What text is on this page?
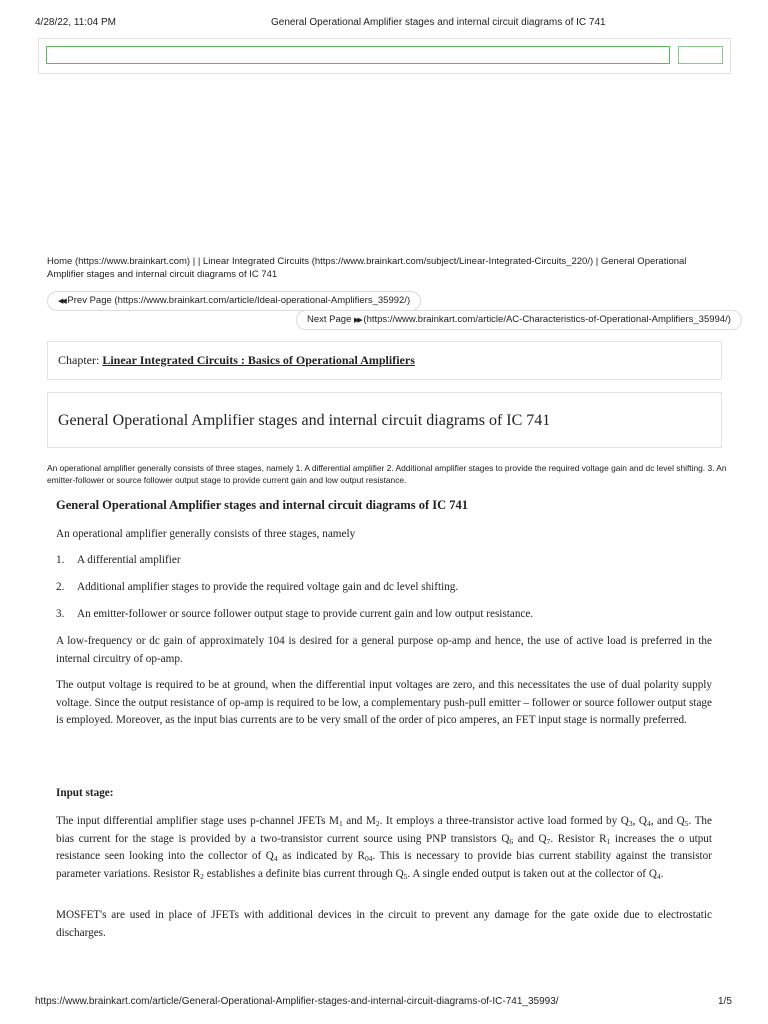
4/28/22, 11:04 PM	General Operational Amplifier stages and internal circuit diagrams of IC 741
Home (https://www.brainkart.com) | | Linear Integrated Circuits (https://www.brainkart.com/subject/Linear-Integrated-Circuits_220/) | General Operational
Amplifier stages and internal circuit diagrams of IC 741
◀◀ Prev Page (https://www.brainkart.com/article/Ideal-operational-Amplifiers_35992/)
Next Page ▶▶ (https://www.brainkart.com/article/AC-Characteristics-of-Operational-Amplifiers_35994/)
Chapter: Linear Integrated Circuits : Basics of Operational Amplifiers
General Operational Amplifier stages and internal circuit diagrams of IC 741
An operational amplifier generally consists of three stages, namely 1. A differential amplifier 2. Additional amplifier stages to provide the required voltage gain and dc level shifting. 3. An emitter-follower or source follower output stage to provide current gain and low output resistance.
General Operational Amplifier stages and internal circuit diagrams of IC 741
An operational amplifier generally consists of three stages, namely
1. A differential amplifier
2. Additional amplifier stages to provide the required voltage gain and dc level shifting.
3. An emitter-follower or source follower output stage to provide current gain and low output resistance.
A low-frequency or dc gain of approximately 104 is desired for a general purpose op-amp and hence, the use of active load is preferred in the internal circuitry of op-amp.
The output voltage is required to be at ground, when the differential input voltages are zero, and this necessitates the use of dual polarity supply voltage. Since the output resistance of op-amp is required to be low, a complementary push-pull emitter – follower or source follower output stage is employed. Moreover, as the input bias currents are to be very small of the order of pico amperes, an FET input stage is normally preferred.
Input stage:
The input differential amplifier stage uses p-channel JFETs $M_1$ and $M_2$. It employs a three-transistor active load formed by $Q_3$, $Q_4$, and $Q_5$. The bias current for the stage is provided by a two-transistor current source using PNP transistors $Q_6$ and $Q_7$. Resistor $R_1$ increases the o utput resistance seen looking into the collector of $Q_4$ as indicated by $R_{04}$. This is necessary to provide bias current stability against the transistor parameter variations. Resistor $R_2$ establishes a definite bias current through $Q_5$. A single ended output is taken out at the collector of $Q_4$.
MOSFET's are used in place of JFETs with additional devices in the circuit to prevent any damage for the gate oxide due to electrostatic discharges.
https://www.brainkart.com/article/General-Operational-Amplifier-stages-and-internal-circuit-diagrams-of-IC-741_35993/	1/5
